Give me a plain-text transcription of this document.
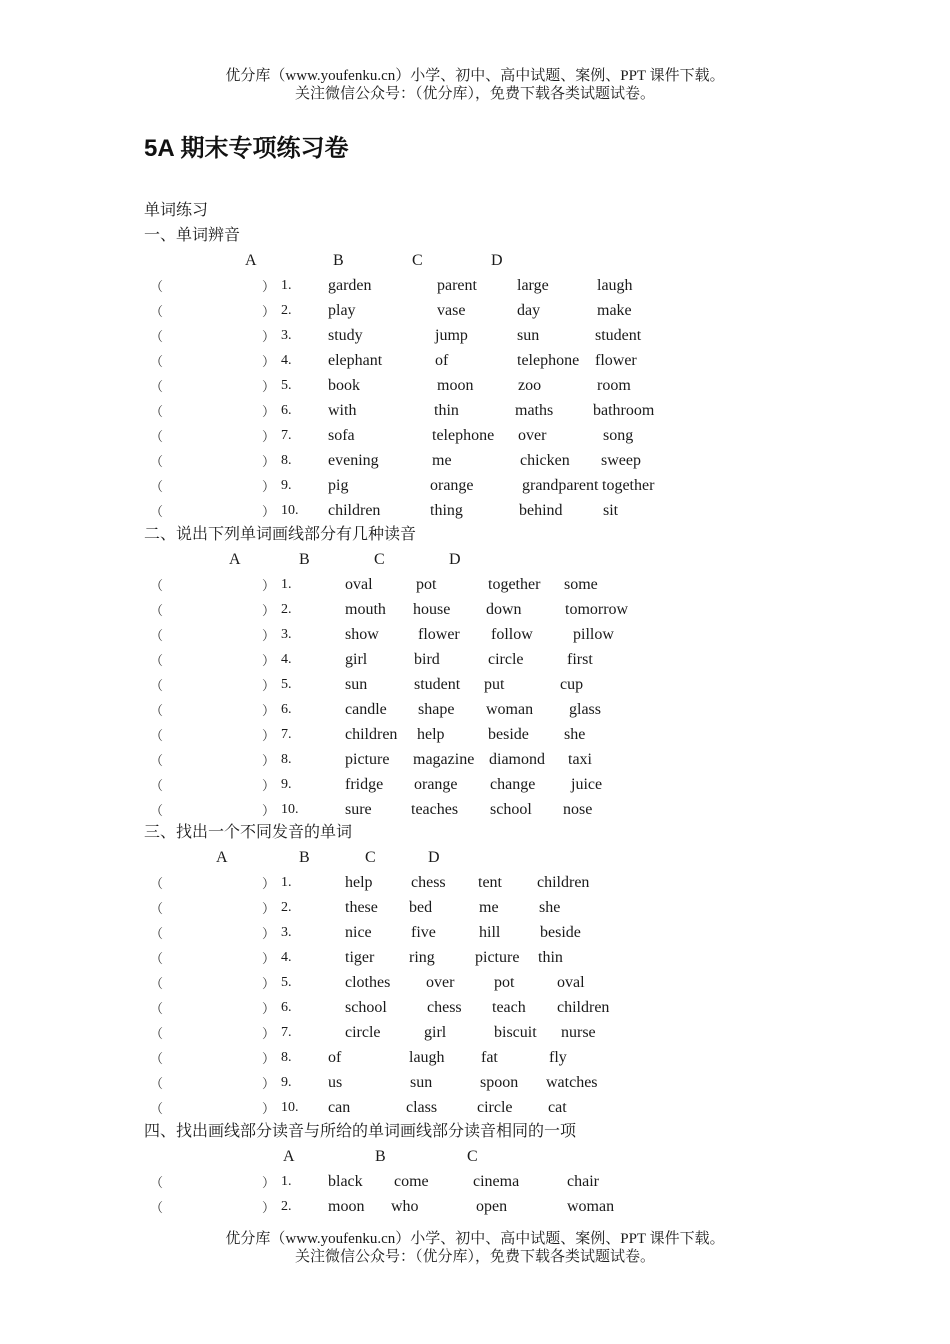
优分库（www.youfenku.cn）小学、初中、高中试题、案例、PPT 课件下载。
关注微信公众号：（优分库），免费下载各类试题试卷。
5A 期末专项练习卷
单词练习
一、单词辨音
A	B	C	D
（	） 1. garden	parent	large	laugh
（	） 2. play	vase	day	make
（	） 3. study	jump	sun	student
（	） 4. elephant	of	telephone flower
（	） 5. book	moon	zoo	room
（	） 6. with	thin	maths bathroom
（	） 7. sofa	telephone over	song
（	） 8. evening	me	chicken sweep
（	） 9. pig	orange	grandparent together
（	） 10. children	thing	behind	sit
二、说出下列单词画线部分有几种读音
A	B	C	D
（	） 1.	oval	pot	together some
（	） 2.	mouth house down	tomorrow
（	） 3.	show flower follow	pillow
（	） 4.	girl	bird	circle	first
（	） 5.	sun	student put	cup
（	） 6.	candle shape woman glass
（	） 7.	children help	beside she
（	） 8.	picture magazine diamond taxi
（	） 9.	fridge orange change juice
（	） 10.	sure teaches school nose
三、找出一个不同发音的单词
A	B	C	D
（	） 1.	help chess tent children
（	） 2.	these bed	me	she
（	） 3.	nice five	hill beside
（	） 4.	tiger ring	picture thin
（	） 5.	clothes over pot	oval
（	） 6.	school	chess teach children
（	） 7.	circle	girl	biscuit nurse
（	） 8. of	laugh fat	fly
（	） 9. us	sun	spoon watches
（	） 10. can	class circle cat
四、找出画线部分读音与所给的单词画线部分读音相同的一项
A	B	C
（	） 1. black come	cinema	chair
（	） 2. moon who	open	woman
优分库（www.youfenku.cn）小学、初中、高中试题、案例、PPT 课件下载。
关注微信公众号：（优分库），免费下载各类试题试卷。
